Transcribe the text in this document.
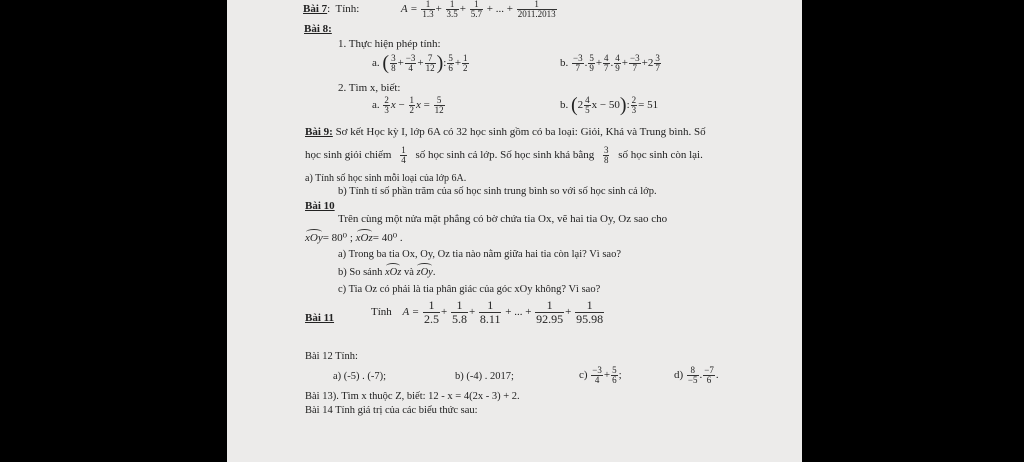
Bài 7:  Tính:	$A = \frac{1}{1.3} + \frac{1}{3.5} + \frac{1}{5.7}$ + ... + $\frac{1}{2011.2013}$
Bài 8:
1. Thực hiện phép tính:
a. ( $\frac{3}{8} + \frac{-3}{4} + \frac{7}{12}$ ): $\frac{5}{6} + \frac{1}{2}$	b. $\frac{-3}{7}$ . $\frac{5}{9} + \frac{4}{7}$ . $\frac{4}{9} + \frac{-3}{7} +2 \frac{3}{7}$
2. Tìm x, biết:
a. $\frac{2}{3}$ $x - \frac{1}{2}$ $x = \frac{5}{12}$	b. ($2 \frac{4}{5}$ x − 50): $\frac{2}{3} = 51$
Bài 9: Sơ kết Học kỳ I, lớp 6A có 32 học sinh gồm có ba loại: Giỏi, Khá và Trung bình. Số
học sinh giỏi chiếm $\frac{1}{4}$ số học sinh cả lớp. Số học sinh khá bằng $\frac{3}{8}$ số học sinh còn lại.
a) Tính số học sinh mỗi loại của lớp 6A.
b) Tính tỉ số phần trăm của số học sinh trung bình so với số học sinh cả lớp.
Bài 10
Trên cùng một nửa mặt phẳng có bờ chứa tia Ox, vẽ hai tia Oy, Oz sao cho
xOy= 80⁰ ; xOz= 40⁰ .
a) Trong ba tia Ox, Oy, Oz tia nào nằm giữa hai tia còn lại? Vì sao?
b) So sánh xOz và zOy.
c) Tia Oz có phải là tia phân giác của góc xOy không? Vì sao?
Bài 11	Tính $A = \frac{1}{2.5} + \frac{1}{5.8} + \frac{1}{8.11}$ + ... + $\frac{1}{92.95} + \frac{1}{95.98}$
Bài 12 Tính:
a) (-5) . (-7);	b) (-4) . 2017;	$c) \frac{-3}{4} + \frac{5}{6}$ ;	$d) \frac{8}{-5}$ . $\frac{-7}{6}$ .
Bài 13). Tìm x thuộc Z, biết: 12 - x = 4(2x - 3) + 2.
Bài 14 Tính giá trị của các biểu thức sau:
